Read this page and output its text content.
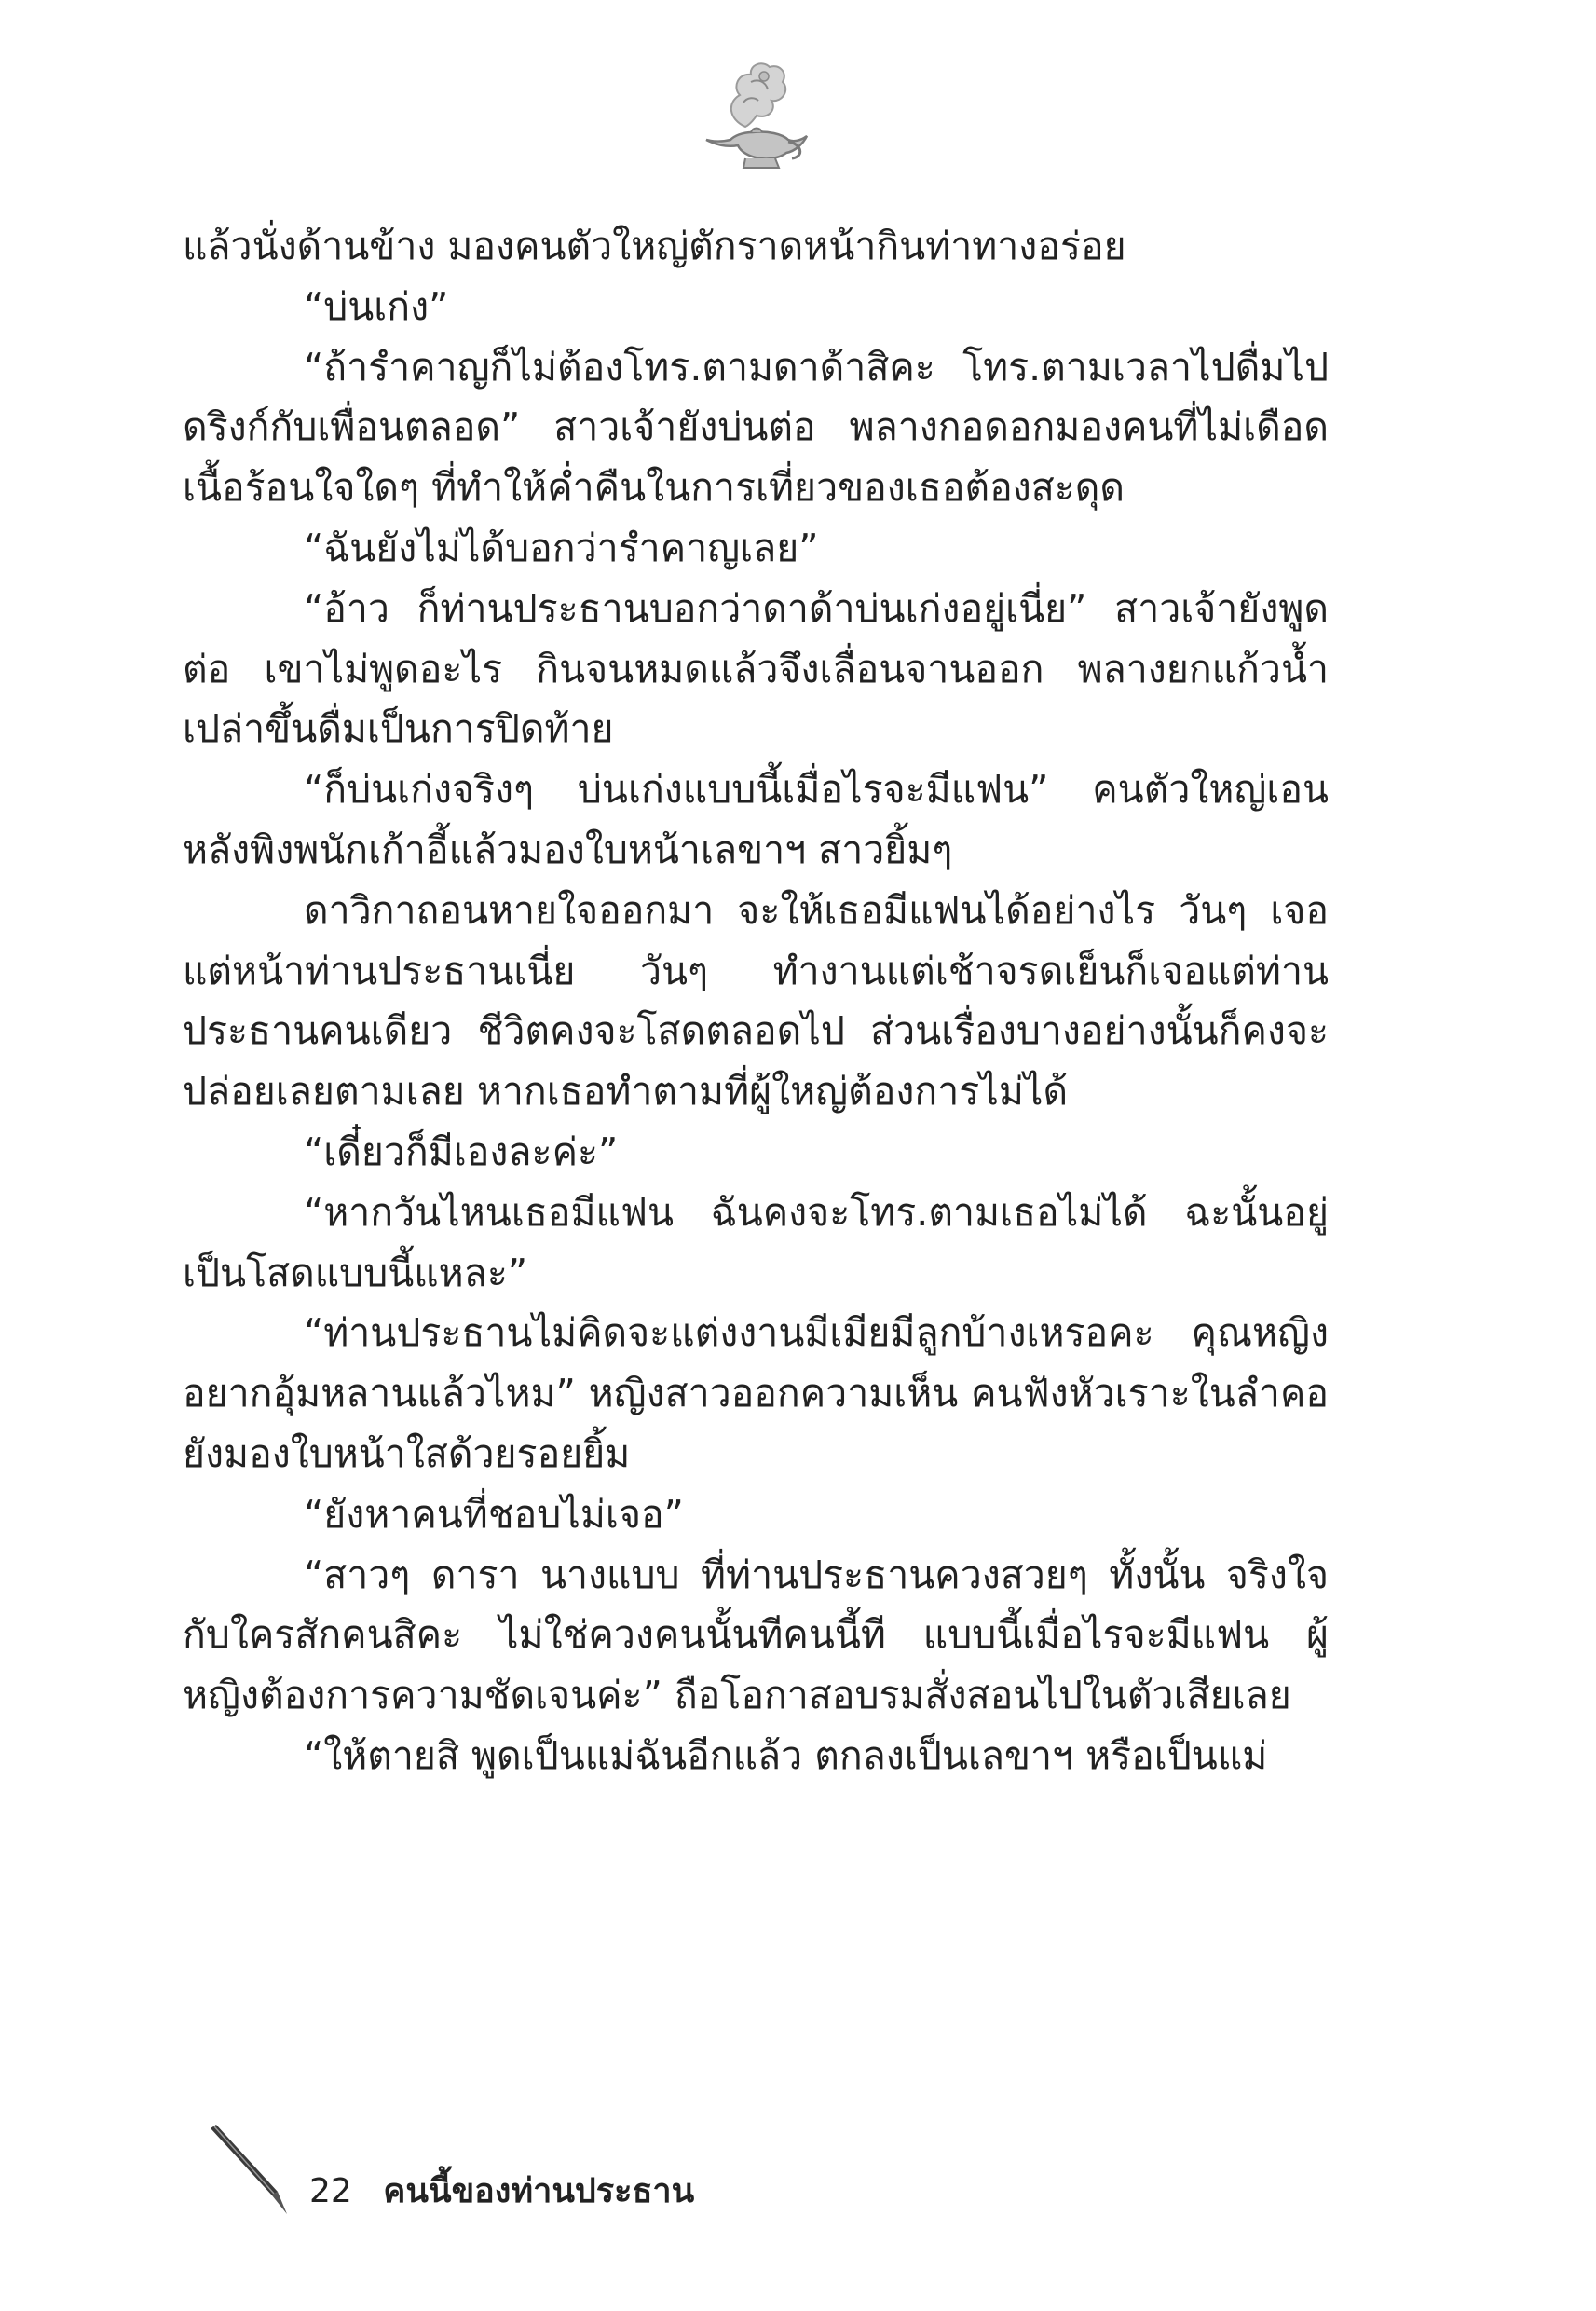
แล้วนั่งด้านข้าง มองคนตัวใหญ่ตักราดหน้ากินท่าทางอร่อย

“บ่นเก่ง”

“ถ้ารำคาญก็ไม่ต้องโทร.ตามดาด้าสิคะ โทร.ตามเวลาไปดื่มไปดริงก์กับเพื่อนตลอด” สาวเจ้ายังบ่นต่อ พลางกอดอกมองคนที่ไม่เดือดเนื้อร้อนใจใดๆ ที่ทำให้ค่ำคืนในการเที่ยวของเธอต้องสะดุด

“ฉันยังไม่ได้บอกว่ารำคาญเลย”

“อ้าว ก็ท่านประธานบอกว่าดาด้าบ่นเก่งอยู่เนี่ย” สาวเจ้ายังพูดต่อ เขาไม่พูดอะไร กินจนหมดแล้วจึงเลื่อนจานออก พลางยกแก้วน้ำเปล่าขึ้นดื่มเป็นการปิดท้าย

“ก็บ่นเก่งจริงๆ บ่นเก่งแบบนี้เมื่อไรจะมีแฟน” คนตัวใหญ่เอนหลังพิงพนักเก้าอี้แล้วมองใบหน้าเลขาฯ สาวยิ้มๆ

ดาวิกาถอนหายใจออกมา จะให้เธอมีแฟนได้อย่างไร วันๆ เจอแต่หน้าท่านประธานเนี่ย วันๆ ทำงานแต่เช้าจรดเย็นก็เจอแต่ท่านประธานคนเดียว ชีวิตคงจะโสดตลอดไป ส่วนเรื่องบางอย่างนั้นก็คงจะปล่อยเลยตามเลย หากเธอทำตามที่ผู้ใหญ่ต้องการไม่ได้

“เดี๋ยวก็มีเองละค่ะ”

“หากวันไหนเธอมีแฟน ฉันคงจะโทร.ตามเธอไม่ได้ ฉะนั้นอยู่เป็นโสดแบบนี้แหละ”

“ท่านประธานไม่คิดจะแต่งงานมีเมียมีลูกบ้างเหรอคะ คุณหญิงอยากอุ้มหลานแล้วไหม” หญิงสาวออกความเห็น คนฟังหัวเราะในลำคอยังมองใบหน้าใสด้วยรอยยิ้ม

“ยังหาคนที่ชอบไม่เจอ”

“สาวๆ ดารา นางแบบ ที่ท่านประธานควงสวยๆ ทั้งนั้น จริงใจกับใครสักคนสิคะ ไม่ใช่ควงคนนั้นทีคนนี้ที แบบนี้เมื่อไรจะมีแฟน ผู้หญิงต้องการความชัดเจนค่ะ” ถือโอกาสอบรมสั่งสอนไปในตัวเสียเลย

“ให้ตายสิ พูดเป็นแม่ฉันอีกแล้ว ตกลงเป็นเลขาฯ หรือเป็นแม่

22 คนนี้ของท่านประธาน
